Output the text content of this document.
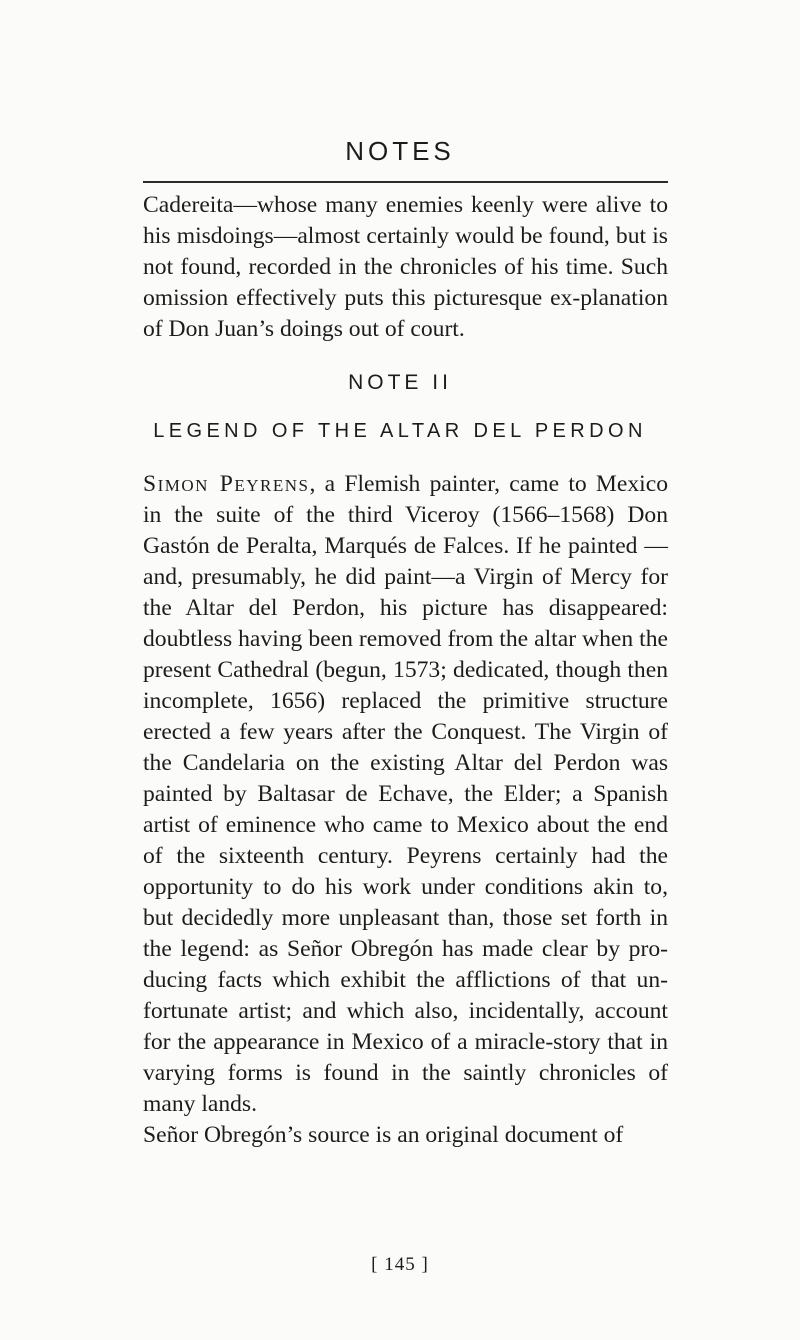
NOTES

Cadereita—whose many enemies keenly were alive to his misdoings—almost certainly would be found, but is not found, recorded in the chronicles of his time. Such omission effectively puts this picturesque ex-planation of Don Juan’s doings out of court.

NOTE II
LEGEND OF THE ALTAR DEL PERDON

Simon Peyrens, a Flemish painter, came to Mexico in the suite of the third Viceroy (1566–1568) Don Gastón de Peralta, Marqués de Falces. If he painted —and, presumably, he did paint—a Virgin of Mercy for the Altar del Perdon, his picture has disappeared: doubtless having been removed from the altar when the present Cathedral (begun, 1573; dedicated, though then incomplete, 1656) replaced the primitive structure erected a few years after the Conquest. The Virgin of the Candelaria on the existing Altar del Perdon was painted by Baltasar de Echave, the Elder; a Spanish artist of eminence who came to Mexico about the end of the sixteenth century. Peyrens certainly had the opportunity to do his work under conditions akin to, but decidedly more unpleasant than, those set forth in the legend: as Señor Obregón has made clear by pro-ducing facts which exhibit the afflictions of that un-fortunate artist; and which also, incidentally, account for the appearance in Mexico of a miracle-story that in varying forms is found in the saintly chronicles of many lands.

Señor Obregón’s source is an original document of

[ 145 ]
